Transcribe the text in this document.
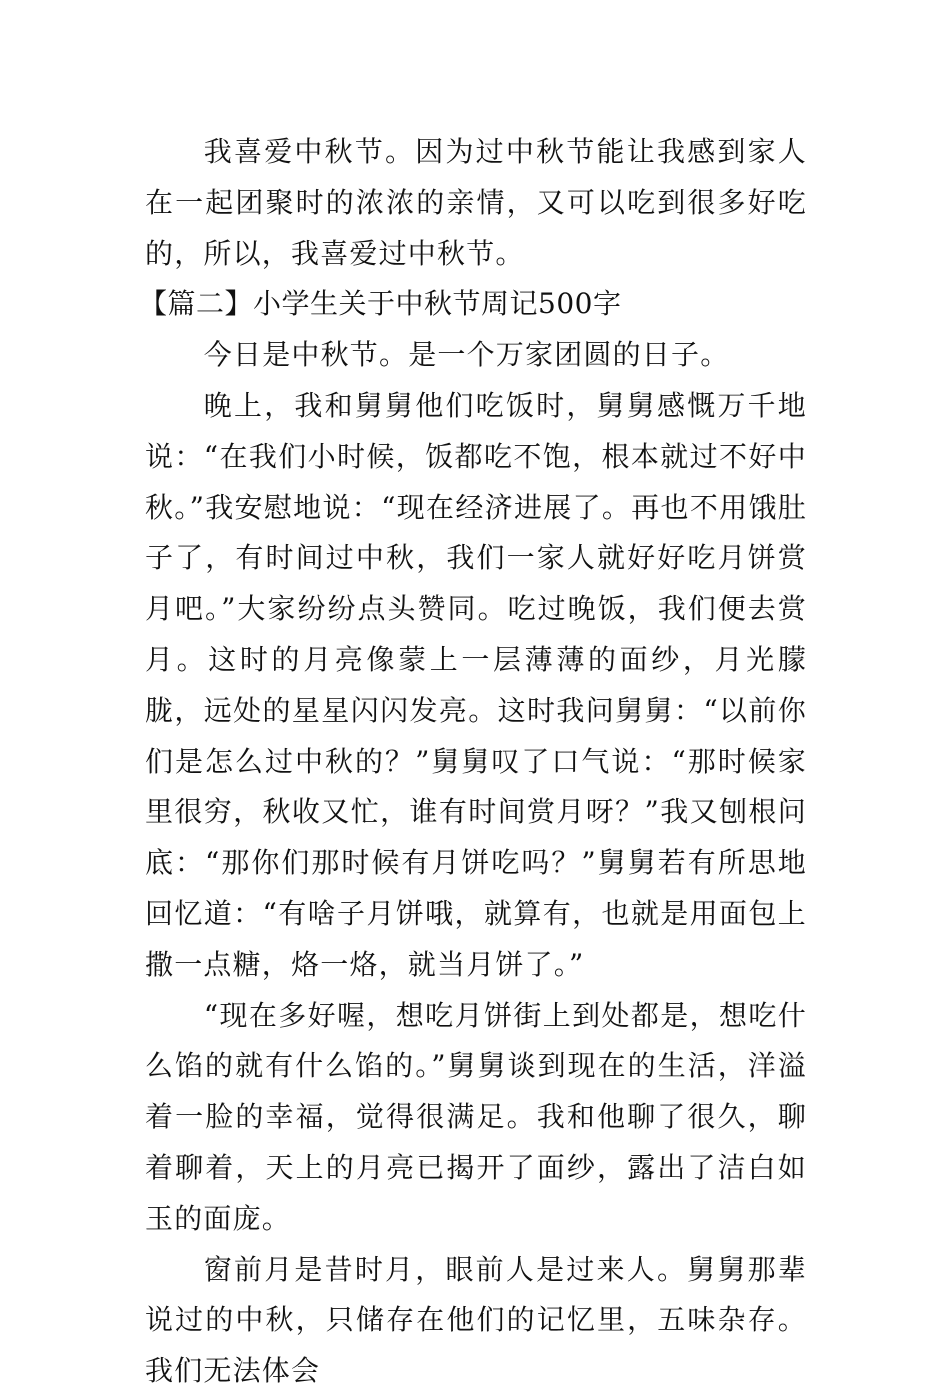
我喜爱中秋节。因为过中秋节能让我感到家人在一起团聚时的浓浓的亲情，又可以吃到很多好吃的，所以，我喜爱过中秋节。

【篇二】小学生关于中秋节周记500字

今日是中秋节。是一个万家团圆的日子。

晚上，我和舅舅他们吃饭时，舅舅感慨万千地说：“在我们小时候，饭都吃不饱，根本就过不好中秋。”我安慰地说：“现在经济进展了。再也不用饿肚子了，有时间过中秋，我们一家人就好好吃月饼赏月吧。”大家纷纷点头赞同。吃过晚饭，我们便去赏月。这时的月亮像蒙上一层薄薄的面纱，月光朦胧，远处的星星闪闪发亮。这时我问舅舅：“以前你们是怎么过中秋的？”舅舅叹了口气说：“那时候家里很穷，秋收又忙，谁有时间赏月呀？”我又刨根问底：“那你们那时候有月饼吃吗？”舅舅若有所思地回忆道：“有啥子月饼哦，就算有，也就是用面包上撒一点糖，烙一烙，就当月饼了。”

“现在多好喔，想吃月饼街上到处都是，想吃什么馅的就有什么馅的。”舅舅谈到现在的生活，洋溢着一脸的幸福，觉得很满足。我和他聊了很久，聊着聊着，天上的月亮已揭开了面纱，露出了洁白如玉的面庞。

窗前月是昔时月，眼前人是过来人。舅舅那辈说过的中秋，只储存在他们的记忆里，五味杂存。我们无法体会
